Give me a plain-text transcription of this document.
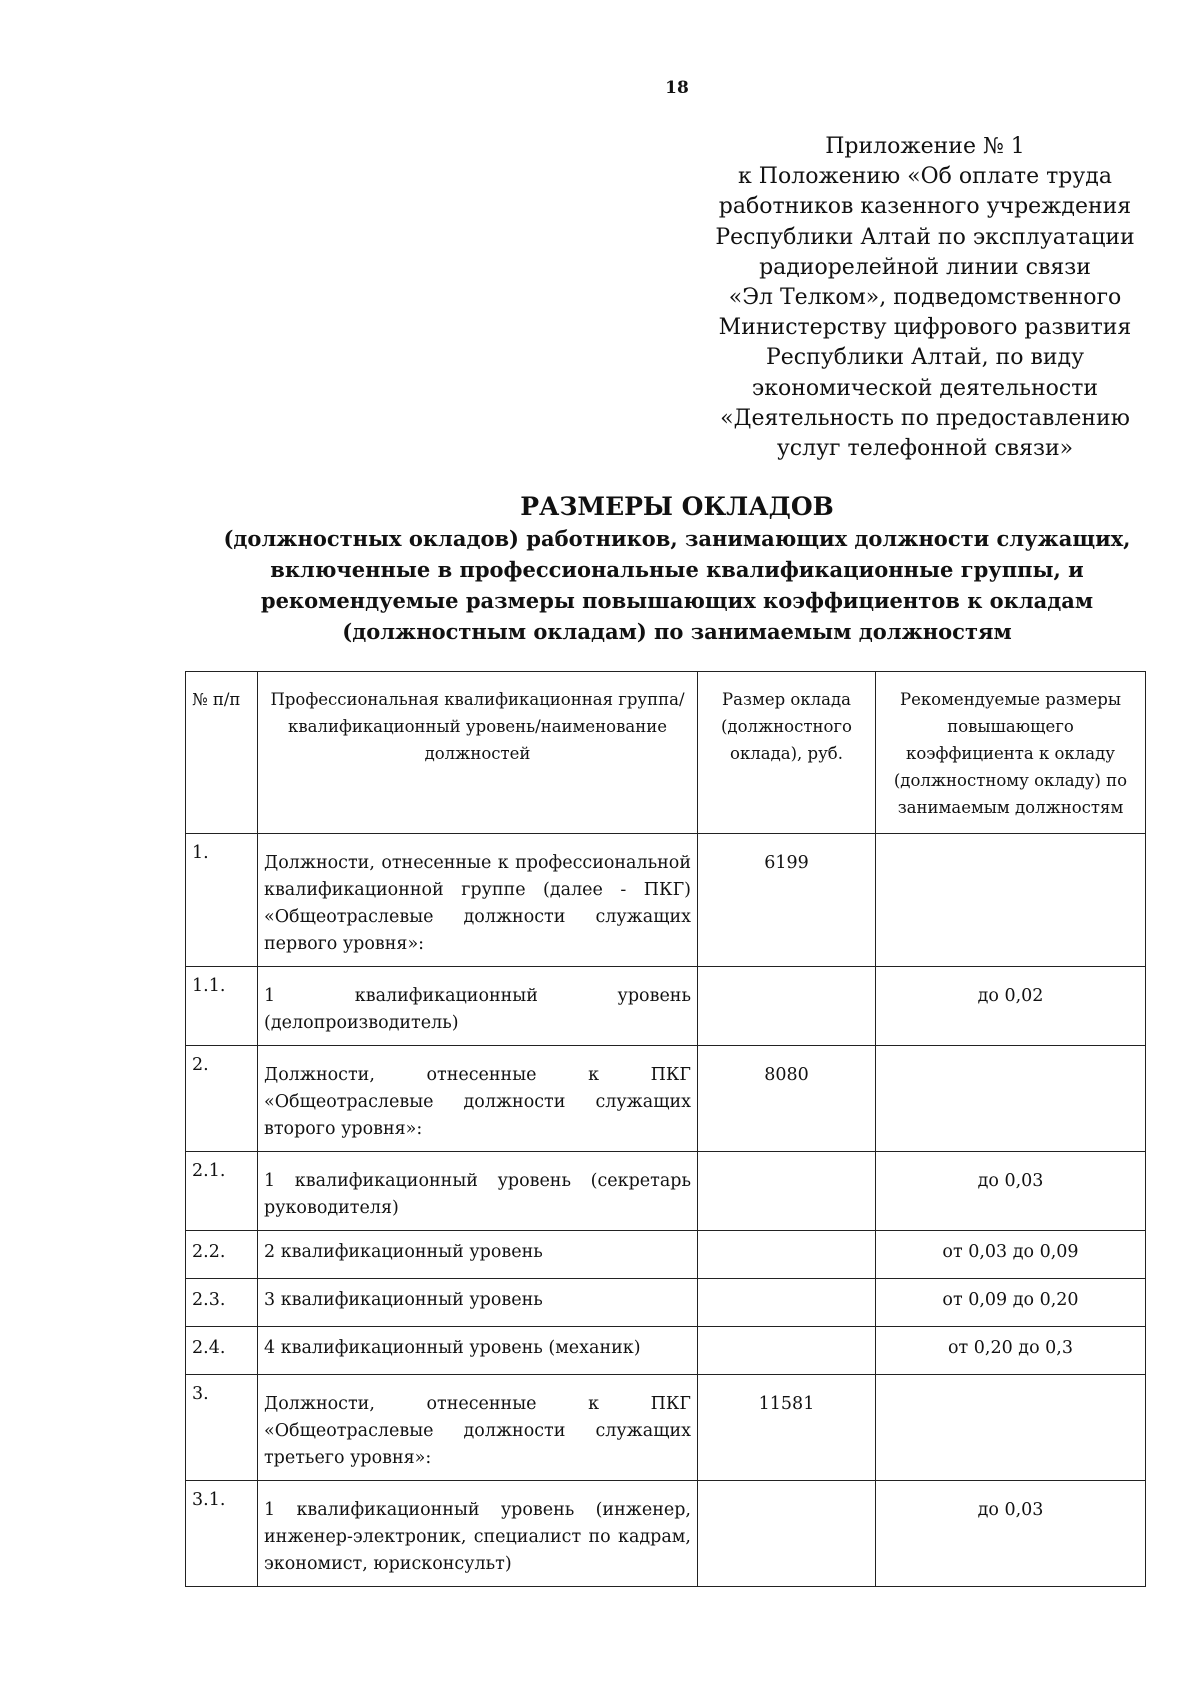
18
Приложение № 1
к Положению «Об оплате труда
работников казенного учреждения
Республики Алтай по эксплуатации
радиорелейной линии связи
«Эл Телком», подведомственного
Министерству цифрового развития
Республики Алтай, по виду
экономической деятельности
«Деятельность по предоставлению
услуг телефонной связи»
РАЗМЕРЫ ОКЛАДОВ
(должностных окладов) работников, занимающих должности служащих,
включенные в профессиональные квалификационные группы, и
рекомендуемые размеры повышающих коэффициентов к окладам
(должностным окладам) по занимаемым должностям
№ п/п	Профессиональная квалификационная группа/квалификационный уровень/наименование должностей	Размер оклада (должностного оклада), руб.	Рекомендуемые размеры повышающего коэффициента к окладу (должностному окладу) по занимаемым должностям
1.	Должности, отнесенные к профессиональной квалификационной группе (далее - ПКГ) «Общеотраслевые должности служащих первого уровня»:	6199	
1.1.	1 квалификационный уровень (делопроизводитель)		до 0,02
2.	Должности, отнесенные к ПКГ «Общеотраслевые должности служащих второго уровня»:	8080	
2.1.	1 квалификационный уровень (секретарь руководителя)		до 0,03
2.2.	2 квалификационный уровень		от 0,03 до 0,09
2.3.	3 квалификационный уровень		от 0,09 до 0,20
2.4.	4 квалификационный уровень (механик)		от 0,20 до 0,3
3.	Должности, отнесенные к ПКГ «Общеотраслевые должности служащих третьего уровня»:	11581	
3.1.	1 квалификационный уровень (инженер, инженер-электроник, специалист по кадрам, экономист, юрисконсульт)		до 0,03
